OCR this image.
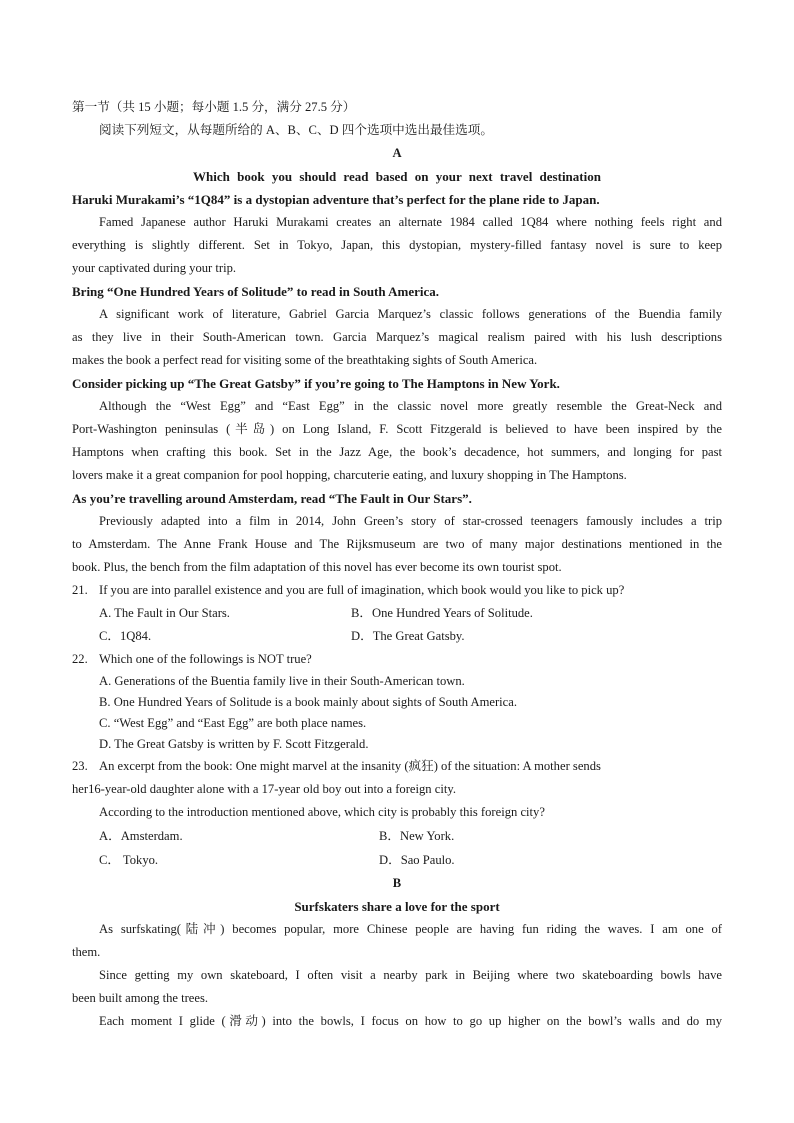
第一节（共 15 小题；每小题 1.5 分，满分 27.5 分）
阅读下列短文，从每题所给的 A、B、C、D 四个选项中选出最佳选项。
A
Which book you should read based on your next travel destination
Haruki Murakami’s “1Q84” is a dystopian adventure that’s perfect for the plane ride to Japan.
Famed Japanese author Haruki Murakami creates an alternate 1984 called 1Q84 where nothing feels right and
everything is slightly different. Set in Tokyo, Japan, this dystopian, mystery-filled fantasy novel is sure to keep
your captivated during your trip.
Bring “One Hundred Years of Solitude” to read in South America.
A significant work of literature, Gabriel Garcia Marquez’s classic follows generations of the Buendia family
as they live in their South-American town. Garcia Marquez’s magical realism paired with his lush descriptions
makes the book a perfect read for visiting some of the breathtaking sights of South America.
Consider picking up “The Great Gatsby” if you’re going to The Hamptons in New York.
Although the “West Egg” and “East Egg” in the classic novel more greatly resemble the Great-Neck and
Port-Washington peninsulas (半岛) on Long Island, F. Scott Fitzgerald is believed to have been inspired by the
Hamptons when crafting this book. Set in the Jazz Age, the book’s decadence, hot summers, and longing for past
lovers make it a great companion for pool hopping, charcuterie eating, and luxury shopping in The Hamptons.
As you’re travelling around Amsterdam, read “The Fault in Our Stars”.
Previously adapted into a film in 2014, John Green’s story of star-crossed teenagers famously includes a trip
to Amsterdam. The Anne Frank House and The Rijksmuseum are two of many major destinations mentioned in the
book. Plus, the bench from the film adaptation of this novel has ever become its own tourist spot.
21. If you are into parallel existence and you are full of imagination, which book would you like to pick up?
A. The Fault in Our Stars.	B．One Hundred Years of Solitude.
C．1Q84.	D．The Great Gatsby.
22. Which one of the followings is NOT true?
A. Generations of the Buentia family live in their South-American town.
B. One Hundred Years of Solitude is a book mainly about sights of South America.
C. “West Egg” and “East Egg” are both place names.
D. The Great Gatsby is written by F. Scott Fitzgerald.
23. An excerpt from the book: One might marvel at the insanity (疯狂) of the situation: A mother sends
her16-year-old daughter alone with a 17-year old boy out into a foreign city.
According to the introduction mentioned above, which city is probably this foreign city?
A．Amsterdam.	B．New York.
C． Tokyo.	D．Sao Paulo.
B
Surfskaters share a love for the sport
As surfskating(陆冲) becomes popular, more Chinese people are having fun riding the waves. I am one of
them.
Since getting my own skateboard, I often visit a nearby park in Beijing where two skateboarding bowls have
been built among the trees.
Each moment I glide (滑动) into the bowls, I focus on how to go up higher on the bowl’s walls and do my
